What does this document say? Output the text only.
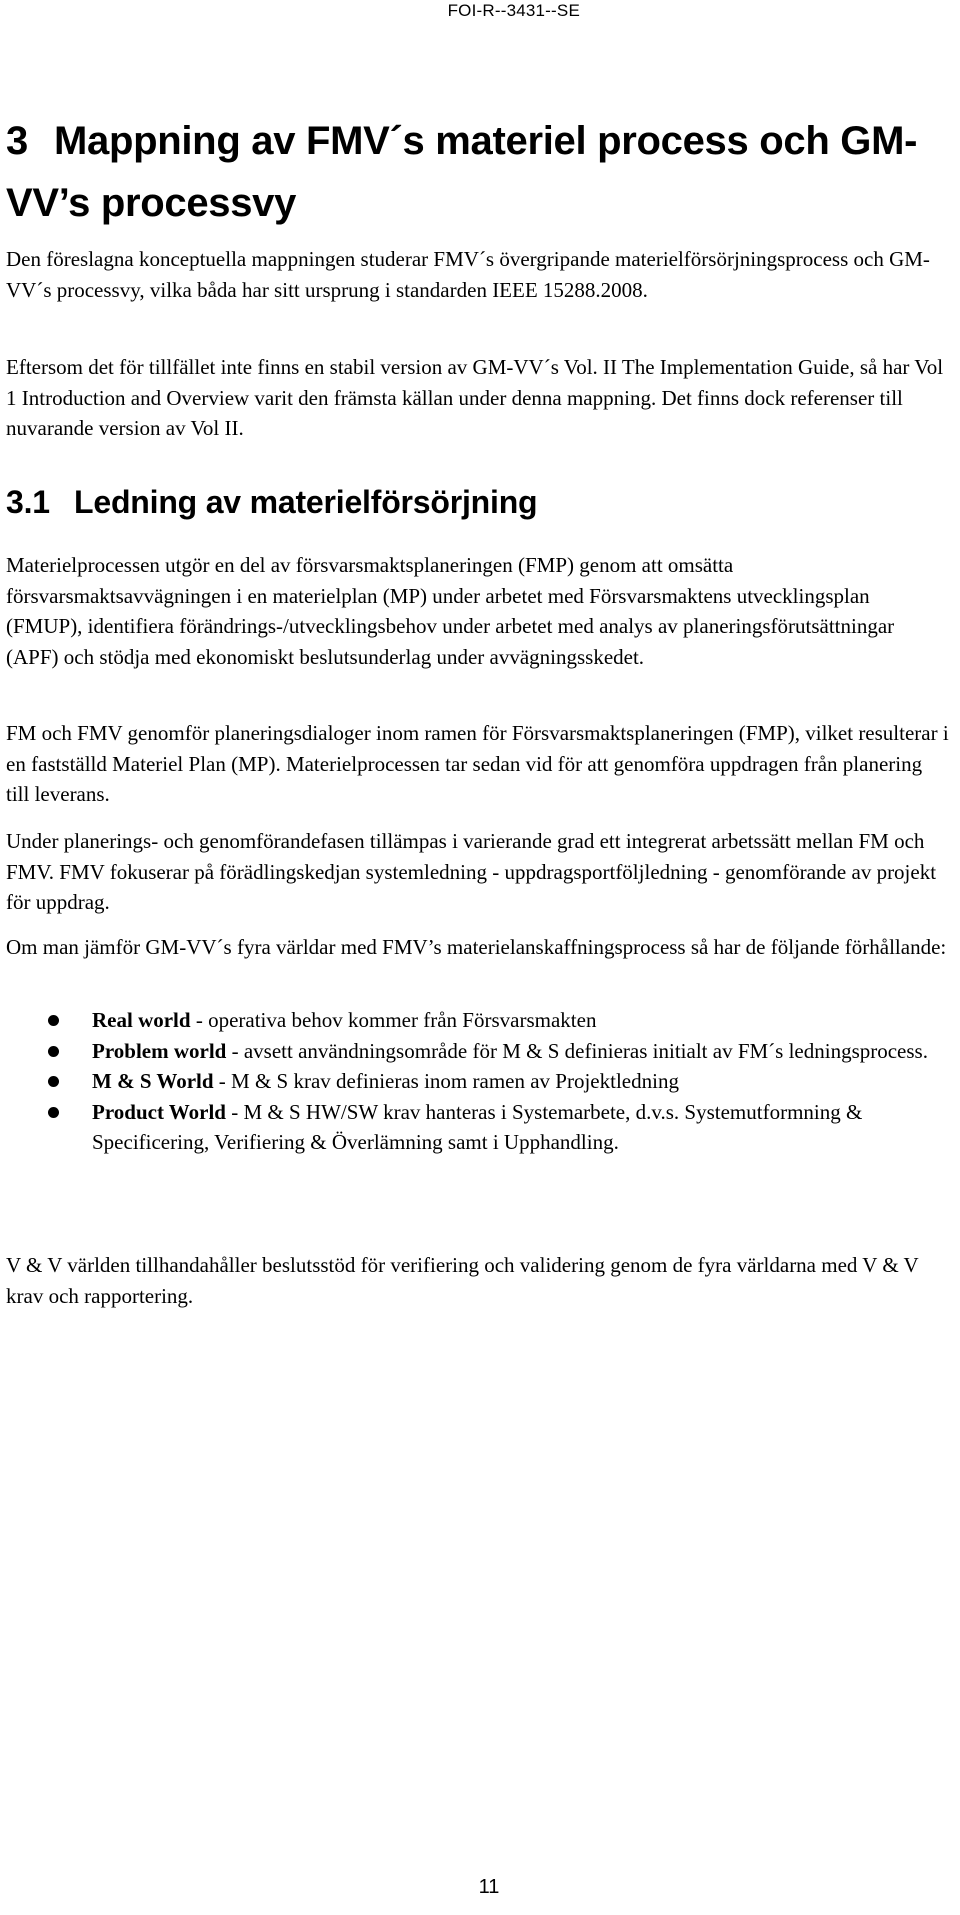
FOI-R--3431--SE
3 Mappning av FMV´s materiel process och GM-VV’s processvy

Den föreslagna konceptuella mappningen studerar FMV´s övergripande materielförsörjningsprocess och GM-VV´s processvy, vilka båda har sitt ursprung i standarden IEEE 15288.2008.

Eftersom det för tillfället inte finns en stabil version av GM-VV´s Vol. II The Implementation Guide, så har Vol 1 Introduction and Overview varit den främsta källan under denna mappning. Det finns dock referenser till nuvarande version av Vol II.

3.1 Ledning av materielförsörjning

Materielprocessen utgör en del av försvarsmaktsplaneringen (FMP) genom att omsätta försvarsmaktsavvägningen i en materielplan (MP) under arbetet med Försvarsmaktens utvecklingsplan (FMUP), identifiera förändrings-/utvecklingsbehov under arbetet med analys av planeringsförutsättningar (APF) och stödja med ekonomiskt beslutsunderlag under avvägningsskedet.

FM och FMV genomför planeringsdialoger inom ramen för Försvarsmaktsplaneringen (FMP), vilket resulterar i en fastställd Materiel Plan (MP). Materielprocessen tar sedan vid för att genomföra uppdragen från planering till leverans.

Under planerings- och genomförandefasen tillämpas i varierande grad ett integrerat arbetssätt mellan FM och FMV. FMV fokuserar på förädlingskedjan systemledning - uppdragsportföljledning - genomförande av projekt för uppdrag.

Om man jämför GM-VV´s fyra världar med FMV’s materielanskaffningsprocess så har de följande förhållande:

Real world - operativa behov kommer från Försvarsmakten
Problem world - avsett användningsområde för M & S definieras initialt av FM´s ledningsprocess.
M & S World - M & S krav definieras inom ramen av Projektledning
Product World - M & S HW/SW krav hanteras i Systemarbete, d.v.s. Systemutformning & Specificering, Verifiering & Överlämning samt i Upphandling.

V & V världen tillhandahåller beslutsstöd för verifiering och validering genom de fyra världarna med V & V krav och rapportering.

11
